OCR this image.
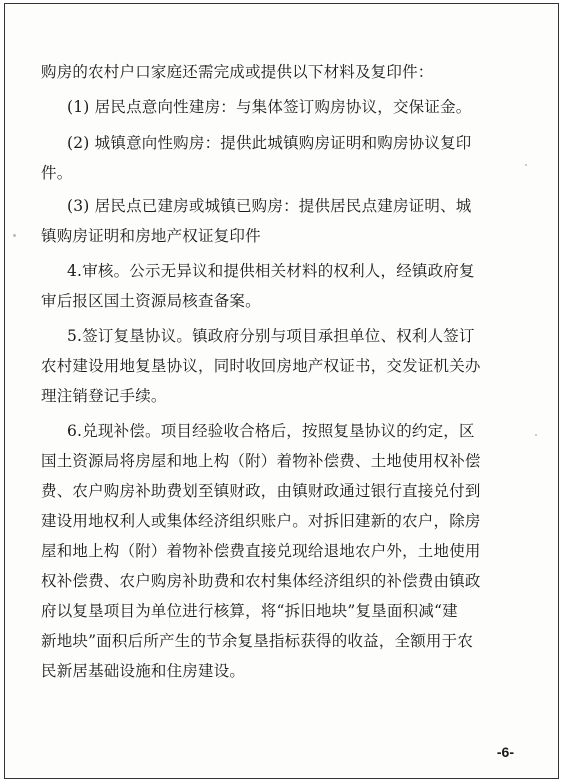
购房的农村户口家庭还需完成或提供以下材料及复印件：

(1) 居民点意向性建房：与集体签订购房协议，交保证金。

(2) 城镇意向性购房：提供此城镇购房证明和购房协议复印
件。

(3) 居民点已建房或城镇已购房：提供居民点建房证明、城
镇购房证明和房地产权证复印件

4.审核。公示无异议和提供相关材料的权利人，经镇政府复
审后报区国土资源局核查备案。

5.签订复垦协议。镇政府分别与项目承担单位、权利人签订
农村建设用地复垦协议，同时收回房地产权证书，交发证机关办
理注销登记手续。

6.兑现补偿。项目经验收合格后，按照复垦协议的约定，区
国土资源局将房屋和地上构（附）着物补偿费、土地使用权补偿
费、农户购房补助费划至镇财政，由镇财政通过银行直接兑付到
建设用地权利人或集体经济组织账户。对拆旧建新的农户，除房
屋和地上构（附）着物补偿费直接兑现给退地农户外，土地使用
权补偿费、农户购房补助费和农村集体经济组织的补偿费由镇政
府以复垦项目为单位进行核算，将“拆旧地块”复垦面积减“建
新地块”面积后所产生的节余复垦指标获得的收益，全额用于农
民新居基础设施和住房建设。

-6-
